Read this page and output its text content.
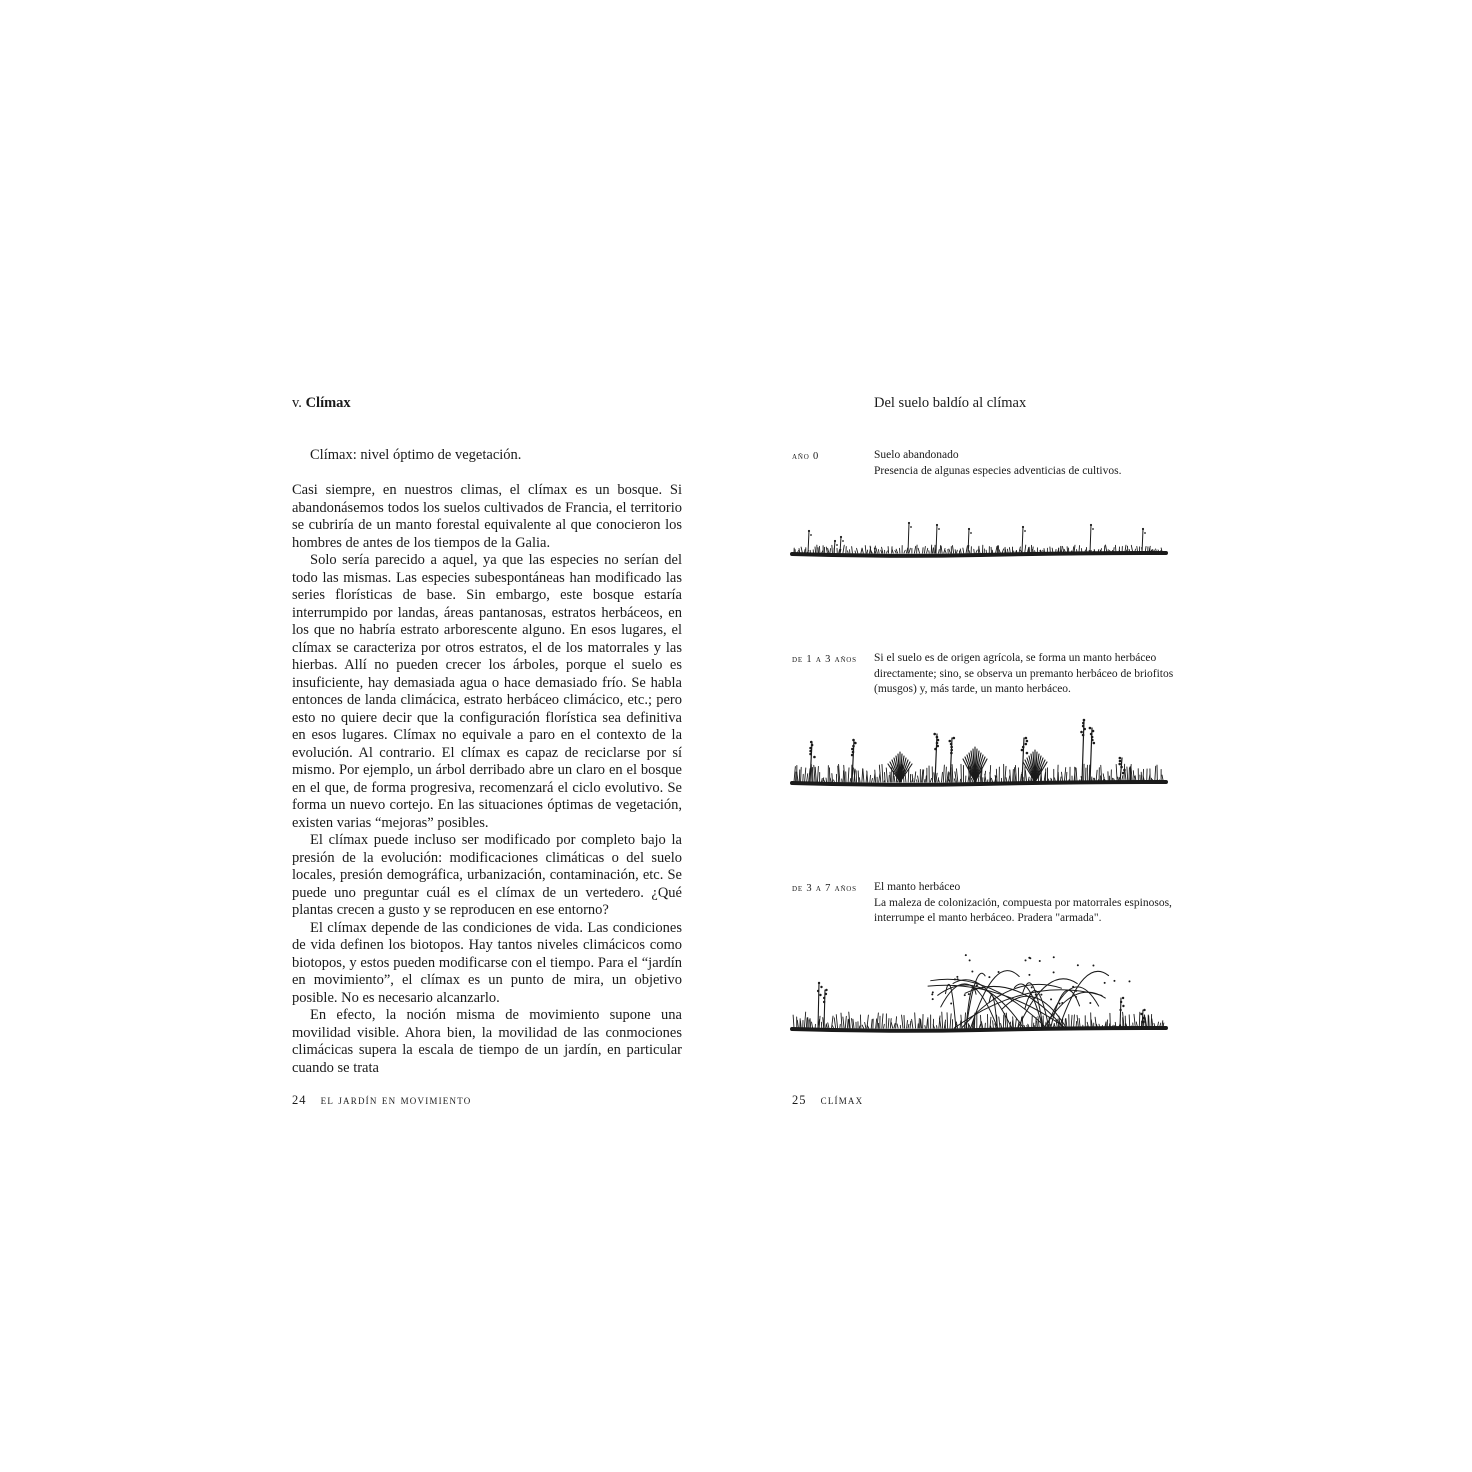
v. Clímax
Clímax: nivel óptimo de vegetación.

Casi siempre, en nuestros climas, el clímax es un bosque. Si abandonásemos todos los suelos cultivados de Francia, el territorio se cubriría de un manto forestal equivalente al que conocieron los hombres de antes de los tiempos de la Galia.

Solo sería parecido a aquel, ya que las especies no serían del todo las mismas. Las especies subespontáneas han modificado las series florísticas de base. Sin embargo, este bosque estaría interrumpido por landas, áreas pantanosas, estratos herbáceos, en los que no habría estrato arborescente alguno. En esos lugares, el clímax se caracteriza por otros estratos, el de los matorrales y las hierbas. Allí no pueden crecer los árboles, porque el suelo es insuficiente, hay demasiada agua o hace demasiado frío. Se habla entonces de landa climácica, estrato herbáceo climácico, etc.; pero esto no quiere decir que la configuración florística sea definitiva en esos lugares. Clímax no equivale a paro en el contexto de la evolución. Al contrario. El clímax es capaz de reciclarse por sí mismo. Por ejemplo, un árbol derribado abre un claro en el bosque en el que, de forma progresiva, recomenzará el ciclo evolutivo. Se forma un nuevo cortejo. En las situaciones óptimas de vegetación, existen varias “mejoras” posibles.

El clímax puede incluso ser modificado por completo bajo la presión de la evolución: modificaciones climáticas o del suelo locales, presión demográfica, urbanización, contaminación, etc. Se puede uno preguntar cuál es el clímax de un vertedero. ¿Qué plantas crecen a gusto y se reproducen en ese entorno?

El clímax depende de las condiciones de vida. Las condiciones de vida definen los biotopos. Hay tantos niveles climácicos como biotopos, y estos pueden modificarse con el tiempo. Para el “jardín en movimiento”, el clímax es un punto de mira, un objetivo posible. No es necesario alcanzarlo.

En efecto, la noción misma de movimiento supone una movilidad visible. Ahora bien, la movilidad de las conmociones climácicas supera la escala de tiempo de un jardín, en particular cuando se trata

24 el jardín en movimiento
Del suelo baldío al clímax
año 0	Suelo abandonado
Presencia de algunas especies adventicias de cultivos.
de 1 a 3 años Si el suelo es de origen agrícola, se forma un manto herbáceo directamente; sino, se observa un premanto herbáceo de briofitos (musgos) y, más tarde, un manto herbáceo.
de 3 a 7 años El manto herbáceo
La maleza de colonización, compuesta por matorrales espinosos, interrumpe el manto herbáceo. Pradera "armada".
25 clímax
